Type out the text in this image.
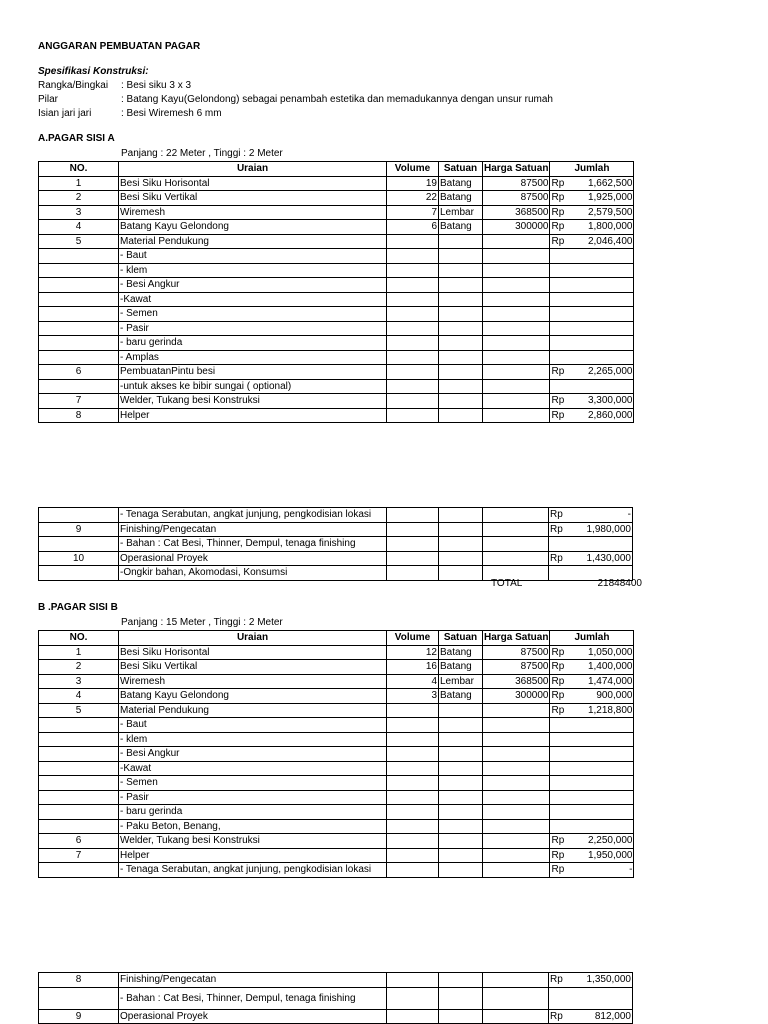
ANGGARAN PEMBUATAN PAGAR
Spesifikasi Konstruksi:
Rangka/Bingkai : Besi siku 3 x 3
Pilar	: Batang Kayu(Gelondong) sebagai penambah estetika dan memadukannya dengan unsur rumah
Isian jari jari	: Besi Wiremesh 6 mm
A.PAGAR SISI A
Panjang : 22 Meter , Tinggi : 2 Meter
NO.	Uraian	Volume	Satuan	Harga Satuan	Jumlah	
1	Besi Siku Horisontal	19	Batang	87500	Rp	1,662,500
2	Besi Siku Vertikal	22	Batang	87500	Rp	1,925,000
3	Wiremesh	7	Lembar	368500	Rp	2,579,500
4	Batang Kayu Gelondong	6	Batang	300000	Rp	1,800,000
5	Material Pendukung				Rp	2,046,400
	- Baut					
	- klem					
	- Besi Angkur					
	-Kawat					
	- Semen					
	- Pasir					
	- baru gerinda					
	- Amplas					
6	PembuatanPintu besi				Rp	2,265,000
	-untuk akses ke bibir sungai ( optional)					
7	Welder, Tukang besi Konstruksi				Rp	3,300,000
8	Helper				Rp	2,860,000
	- Tenaga Serabutan, angkat junjung, pengkodisian lokasi				Rp	-
9	Finishing/Pengecatan				Rp	1,980,000
	- Bahan : Cat Besi, Thinner, Dempul, tenaga finishing					
10	Operasional Proyek				Rp	1,430,000
	-Ongkir bahan, Akomodasi, Konsumsi					
TOTAL	21848400
B .PAGAR SISI B
Panjang : 15 Meter , Tinggi : 2 Meter
NO.	Uraian	Volume	Satuan	Harga Satuan	Jumlah	
1	Besi Siku Horisontal	12	Batang	87500	Rp	1,050,000
2	Besi Siku Vertikal	16	Batang	87500	Rp	1,400,000
3	Wiremesh	4	Lembar	368500	Rp	1,474,000
4	Batang Kayu Gelondong	3	Batang	300000	Rp	900,000
5	Material Pendukung				Rp	1,218,800
	- Baut					
	- klem					
	- Besi Angkur					
	-Kawat					
	- Semen					
	- Pasir					
	- baru gerinda					
	- Paku Beton, Benang,					
6	Welder, Tukang besi Konstruksi				Rp	2,250,000
7	Helper				Rp	1,950,000
	- Tenaga Serabutan, angkat junjung, pengkodisian lokasi				Rp	-
8	Finishing/Pengecatan				Rp	1,350,000
	- Bahan : Cat Besi, Thinner, Dempul, tenaga finishing					
9	Operasional Proyek				Rp	812,000
